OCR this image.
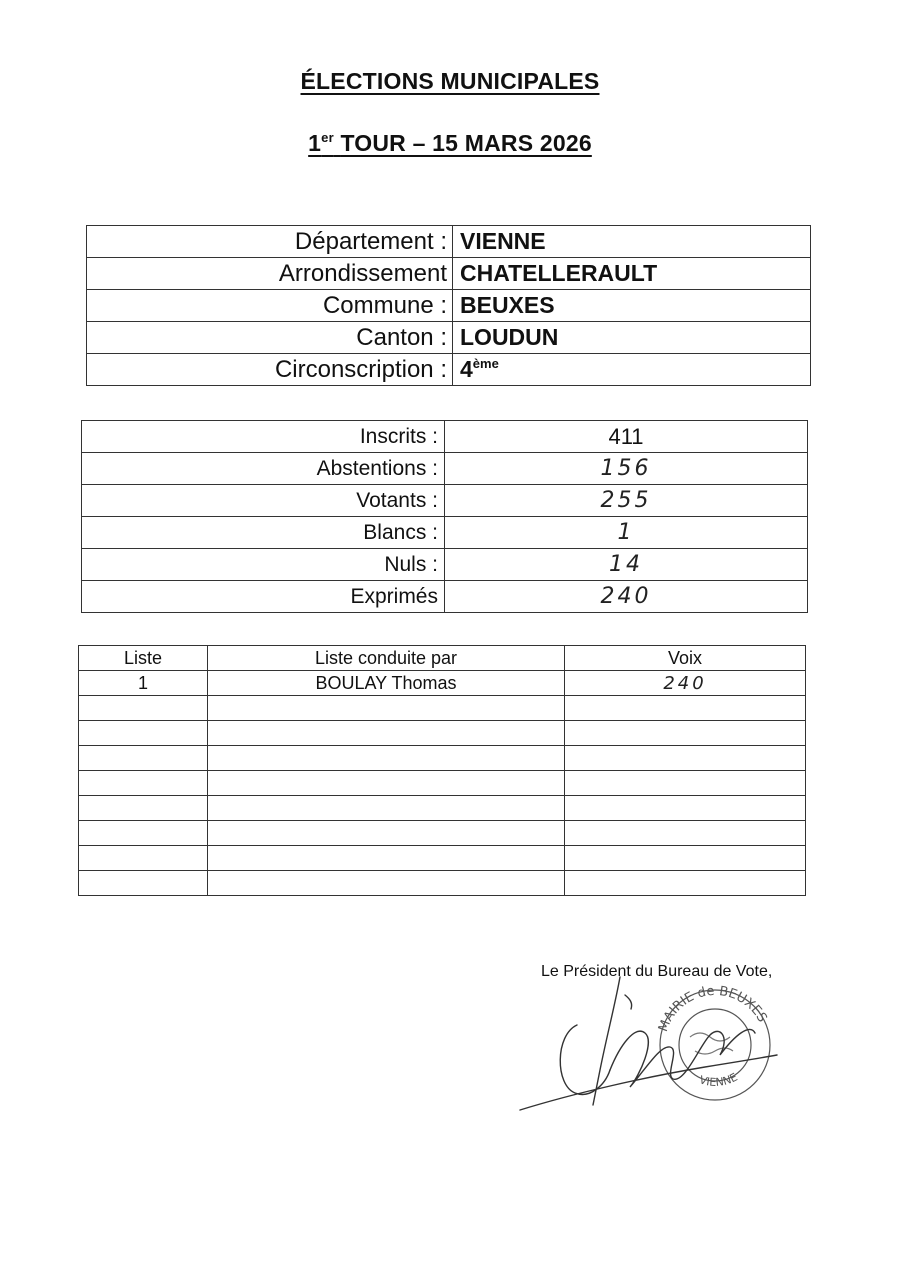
ÉLECTIONS MUNICIPALES
1er TOUR – 15 MARS 2026
Département :	VIENNE
Arrondissement	CHATELLERAULT
Commune :	BEUXES
Canton :	LOUDUN
Circonscription :	4ème
Inscrits :	411
Abstentions :	156
Votants :	255
Blancs :	1
Nuls :	14
Exprimés	240
Liste	Liste conduite par	Voix
1	BOULAY Thomas	240

Le Président du Bureau de Vote,
MAIRIE de BEUXES
VIENNE
